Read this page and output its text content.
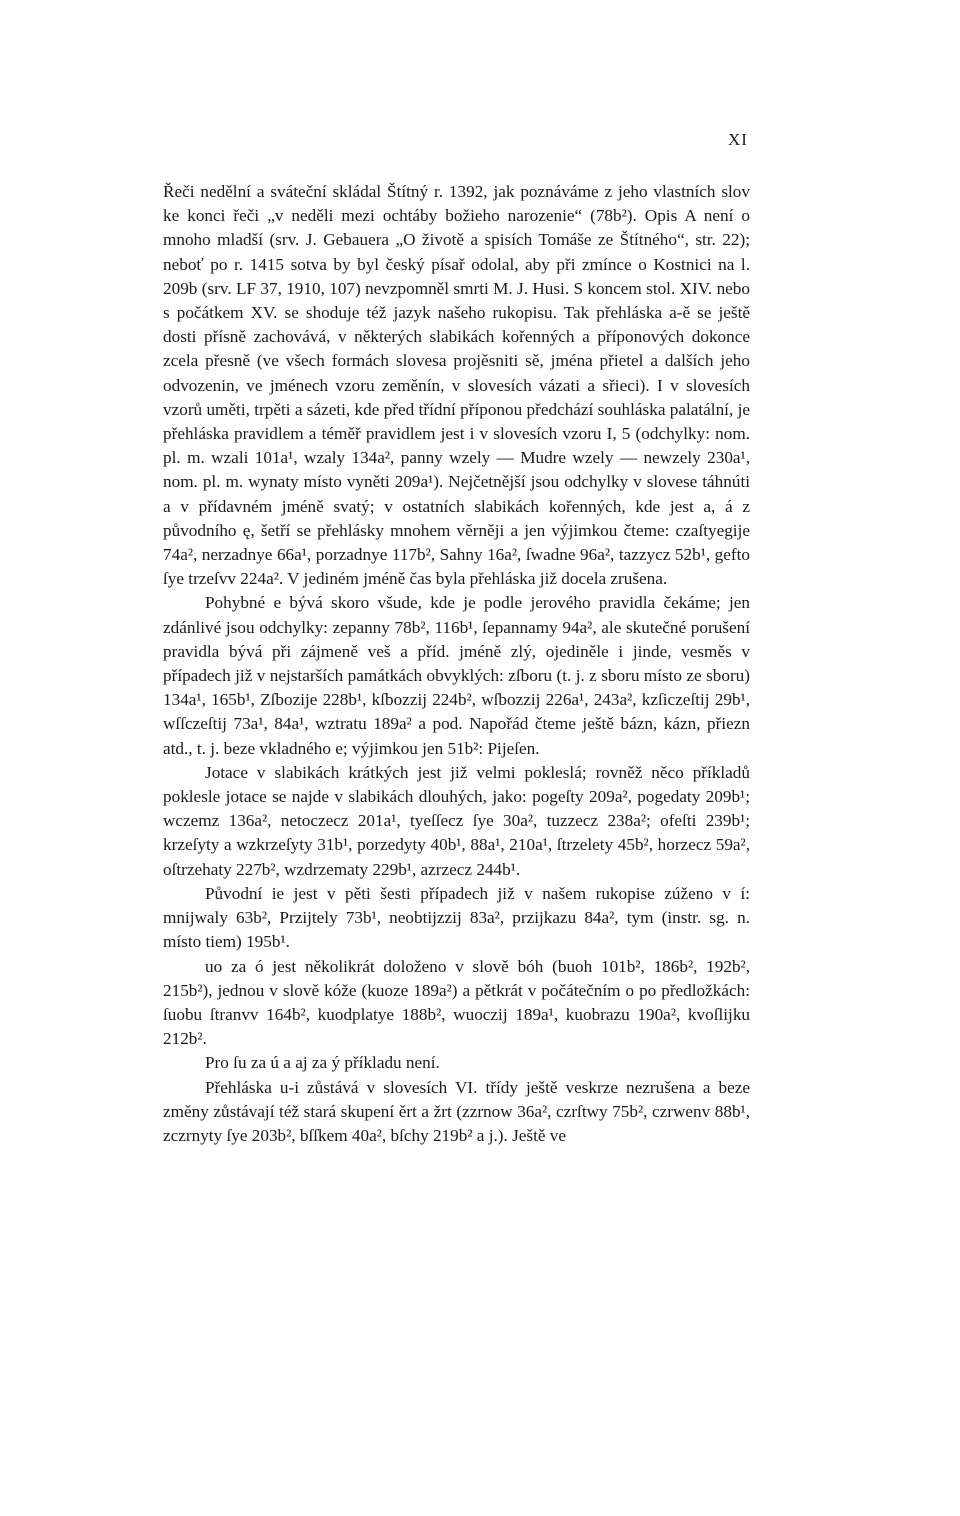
XI

Řeči nedělní a sváteční skládal Štítný r. 1392, jak poznáváme z jeho vlastních slov ke konci řeči „v neděli mezi ochtáby božieho narozenie“ (78b²). Opis A není o mnoho mladší (srv. J. Gebauera „O životě a spisích Tomáše ze Štítného“, str. 22); neboť po r. 1415 sotva by byl český písař odolal, aby při zmínce o Kostnici na l. 209b (srv. LF 37, 1910, 107) nevzpomněl smrti M. J. Husi. S koncem stol. XIV. nebo s počátkem XV. se shoduje též jazyk našeho rukopisu. Tak přehláska a-ě se ještě dosti přísně zachovává, v některých slabikách kořenných a příponových dokonce zcela přesně (ve všech formách slovesa projěsniti sě, jména přietel a dalších jeho odvozenin, ve jménech vzoru zeměnín, v slovesích vázati a sřieci). I v slovesích vzorů uměti, trpěti a sázeti, kde před třídní příponou předchází souhláska palatální, je přehláska pravidlem a téměř pravidlem jest i v slovesích vzoru I, 5 (odchylky: nom. pl. m. wzali 101a¹, wzaly 134a², panny wzely — Mudre wzely — newzely 230a¹, nom. pl. m. wynaty místo vyněti 209a¹). Nejčetnější jsou odchylky v slovese táhnúti a v přídavném jméně svatý; v ostatních slabikách kořenných, kde jest a, á z původního ę, šetří se přehlásky mnohem věrněji a jen výjimkou čteme: czaſtyegije 74a², nerzadnye 66a¹, porzadnye 117b², Sahny 16a², ſwadne 96a², tazzycz 52b¹, gefto ſye trzeſvv 224a². V jediném jméně čas byla přehláska již docela zrušena.

Pohybné e bývá skoro všude, kde je podle jerového pravidla čekáme; jen zdánlivé jsou odchylky: zepanny 78b², 116b¹, ſepannamy 94a², ale skutečné porušení pravidla bývá při zájmeně veš a příd. jméně zlý, ojediněle i jinde, vesměs v případech již v nejstarších památkách obvyklých: zſboru (t. j. z sboru místo ze sboru) 134a¹, 165b¹, Zſbozije 228b¹, kſbozzij 224b², wſbozzij 226a¹, 243a², kzſiczeſtij 29b¹, wſſczeſtij 73a¹, 84a¹, wztratu 189a² a pod. Napořád čteme ještě bázn, kázn, přiezn atd., t. j. beze vkladného e; výjimkou jen 51b²: Pijeſen.

Jotace v slabikách krátkých jest již velmi pokleslá; rovněž něco příkladů poklesle jotace se najde v slabikách dlouhých, jako: pogeſty 209a², pogedaty 209b¹; wczemz 136a², netoczecz 201a¹, tyeſſecz ſye 30a², tuzzecz 238a²; ofeſti 239b¹; krzeſyty a wzkrzeſyty 31b¹, porzedyty 40b¹, 88a¹, 210a¹, ſtrzelety 45b², horzecz 59a², oſtrzehaty 227b², wzdrzematy 229b¹, azrzecz 244b¹.

Původní ie jest v pěti šesti případech již v našem rukopise zúženo v í: mnijwaly 63b², Przijtely 73b¹, neobtijzzij 83a², przijkazu 84a², tym (instr. sg. n. místo tiem) 195b¹.

uo za ó jest několikrát doloženo v slově bóh (buoh 101b², 186b², 192b², 215b²), jednou v slově kóže (kuoze 189a²) a pětkrát v počátečním o po předložkách: ſuobu ſtranvv 164b², kuodplatye 188b², wuoczij 189a¹, kuobrazu 190a², kvoſlijku 212b².

Pro ſu za ú a aj za ý příkladu není.

Přehláska u-i zůstává v slovesích VI. třídy ještě veskrze nezrušena a beze změny zůstávají též stará skupení ěrt a žrt (zzrnow 36a², czrſtwy 75b², czrwenv 88b¹, zczrnyty ſye 203b², bſſkem 40a², bſchy 219b² a j.). Ještě ve
